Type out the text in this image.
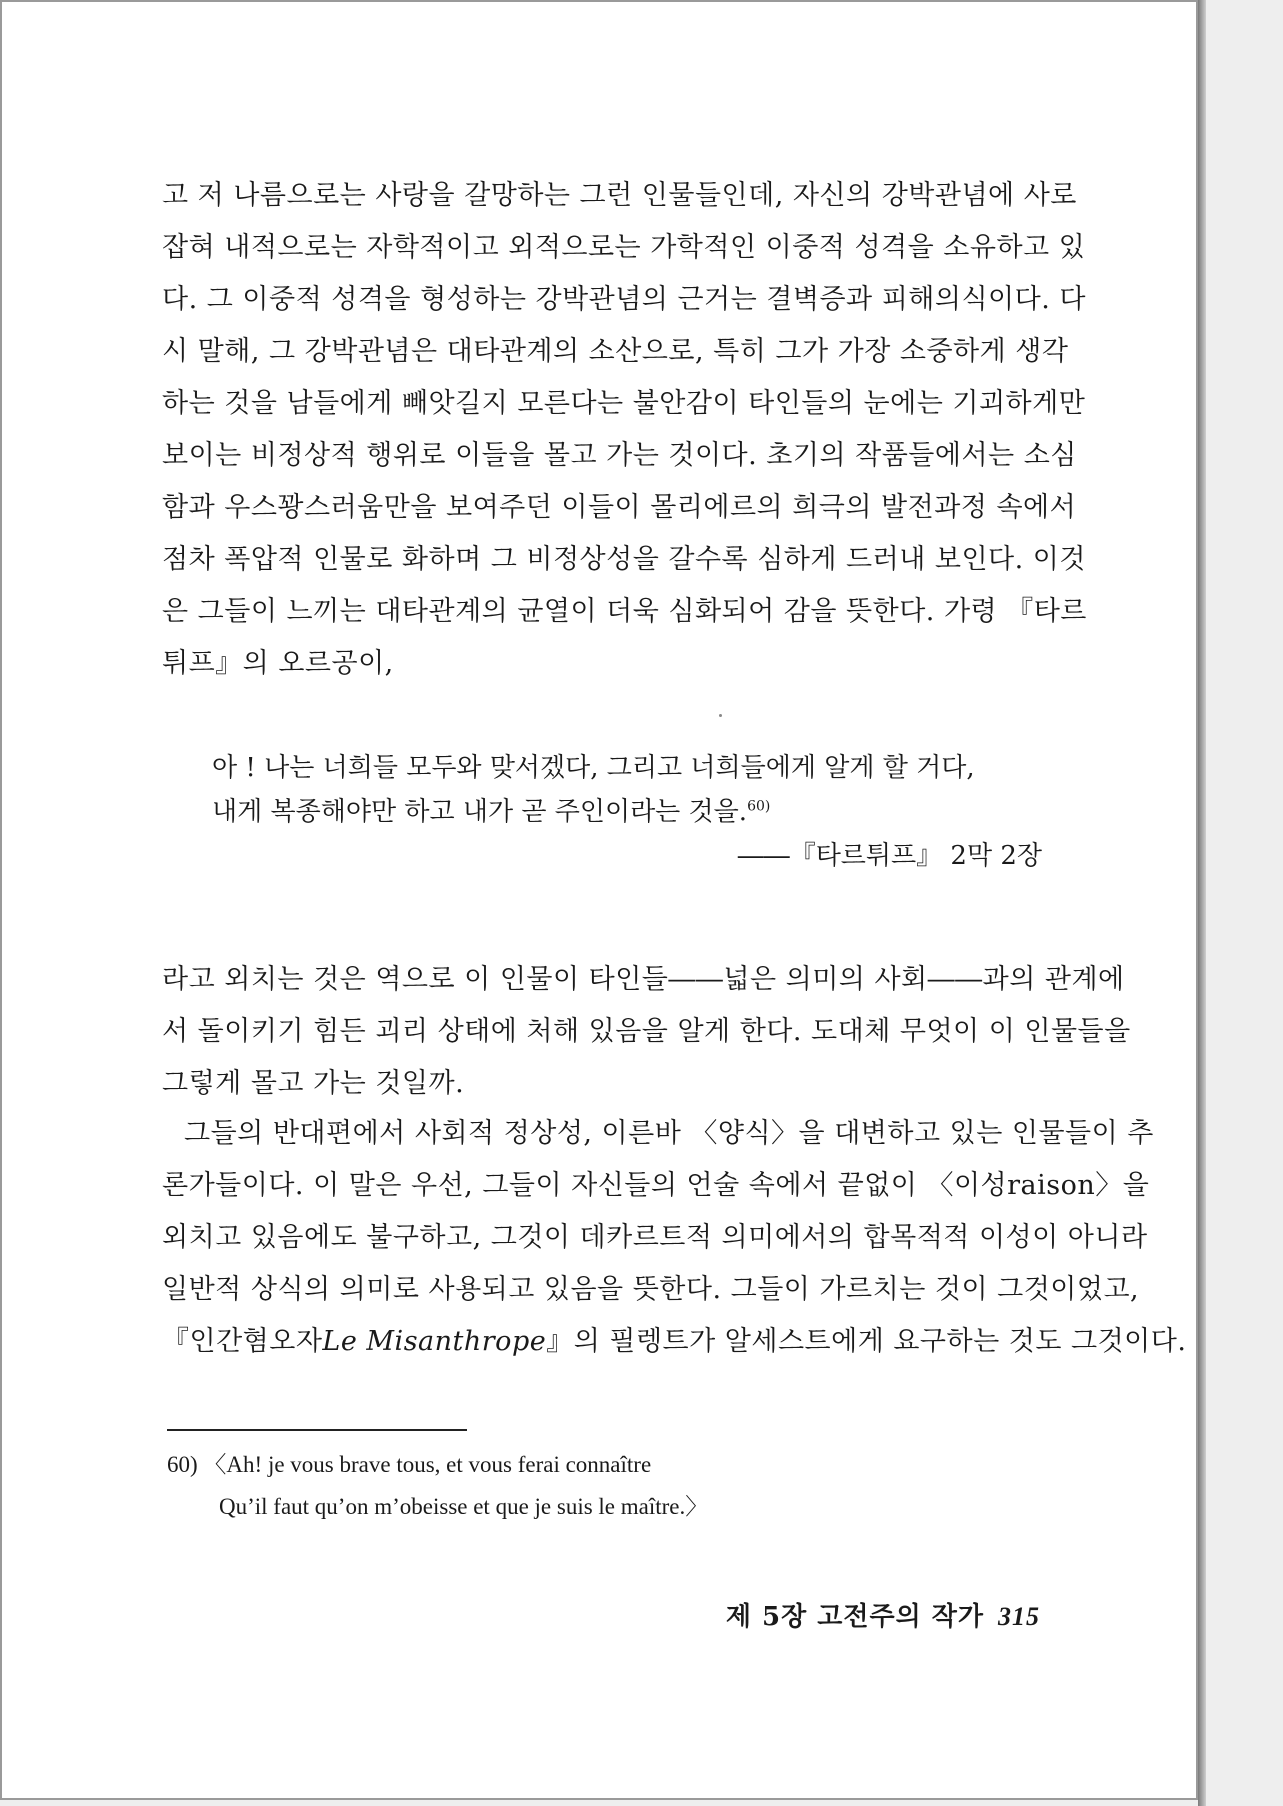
고 저 나름으로는 사랑을 갈망하는 그런 인물들인데, 자신의 강박관념에 사로
잡혀 내적으로는 자학적이고 외적으로는 가학적인 이중적 성격을 소유하고 있
다. 그 이중적 성격을 형성하는 강박관념의 근거는 결벽증과 피해의식이다. 다
시 말해, 그 강박관념은 대타관계의 소산으로, 특히 그가 가장 소중하게 생각
하는 것을 남들에게 빼앗길지 모른다는 불안감이 타인들의 눈에는 기괴하게만
보이는 비정상적 행위로 이들을 몰고 가는 것이다. 초기의 작품들에서는 소심
함과 우스꽝스러움만을 보여주던 이들이 몰리에르의 희극의 발전과정 속에서
점차 폭압적 인물로 화하며 그 비정상성을 갈수록 심하게 드러내 보인다. 이것
은 그들이 느끼는 대타관계의 균열이 더욱 심화되어 감을 뜻한다. 가령 『타르
튀프』의 오르공이,
아 ! 나는 너희들 모두와 맞서겠다, 그리고 너희들에게 알게 할 거다,
내게 복종해야만 하고 내가 곧 주인이라는 것을.$^{60)}$
――『타르튀프』 2막 2장
라고 외치는 것은 역으로 이 인물이 타인들――넓은 의미의 사회――과의 관계에
서 돌이키기 힘든 괴리 상태에 처해 있음을 알게 한다. 도대체 무엇이 이 인물들을
그렇게 몰고 가는 것일까.
그들의 반대편에서 사회적 정상성, 이른바 〈양식〉을 대변하고 있는 인물들이 추
론가들이다. 이 말은 우선, 그들이 자신들의 언술 속에서 끝없이 〈이성raison〉을
외치고 있음에도 불구하고, 그것이 데카르트적 의미에서의 합목적적 이성이 아니라
일반적 상식의 의미로 사용되고 있음을 뜻한다. 그들이 가르치는 것이 그것이었고,
『인간혐오자Le Misanthrope』의 필렝트가 알세스트에게 요구하는 것도 그것이다.
60) 〈Ah! je vous brave tous, et vous ferai connaître
Qu’il faut qu’on m’obeisse et que je suis le maître.〉
제 5장 고전주의 작가 315
